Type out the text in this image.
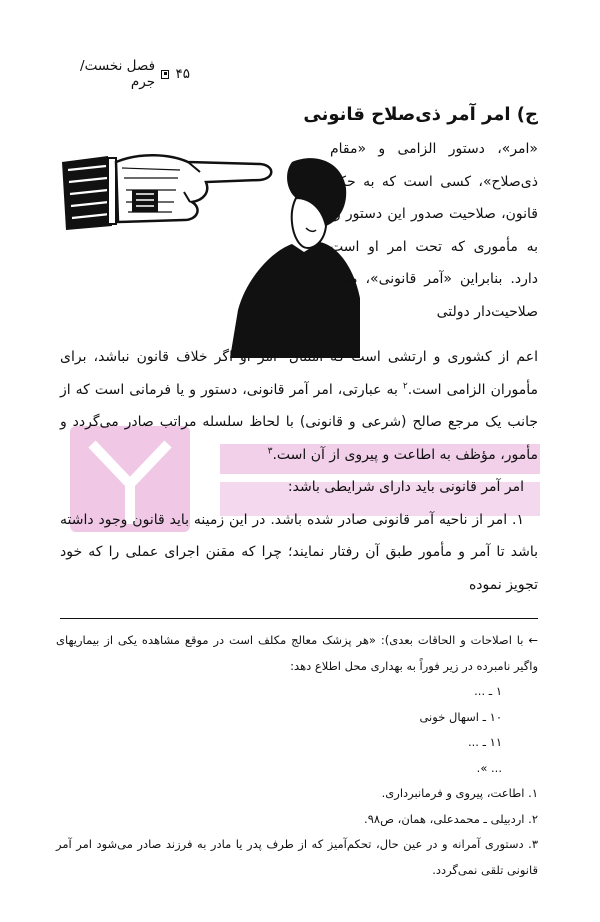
۴۵
فصل نخست/ جرم
ج) امر آمر ذی‌صلاح قانونی
«امر»، دستور الزامی و «مقام ذی‌صلاح»، کسی است که به حکم قانون، صلاحیت صدور این دستور را به مأموری که تحت امر او است دارد. بنابراین «آمر قانونی»، مقام صلاحیت‌دار دولتی

اعم از کشوری و ارتشی است که امتثال$^۱$ امر او اگر خلاف قانون نباشد، برای مأموران الزامی است.$^۲$ به عبارتی، امر آمر قانونی، دستور و یا فرمانی است که از جانب یک مرجع صالح (شرعی و قانونی) با لحاظ سلسله مراتب صادر می‌گردد و مأمور، مؤظف به اطاعت و پیروی از آن است.$^۳$

امر آمر قانونی باید دارای شرایطی باشد:

۱. امر از ناحیه آمر قانونی صادر شده باشد. در این زمینه باید قانون وجود داشته باشد تا آمر و مأمور طبق آن رفتار نمایند؛ چرا که مقنن اجرای عملی را که خود تجویز نموده

← با اصلاحات و الحاقات بعدی): «هر پزشک معالج مکلف است در موقع مشاهده یکی از بیماریهای واگیر نامبرده در زیر فوراً به بهداری محل اطلاع دهد:

۱ ـ ...

۱۰ ـ اسهال خونی

۱۱ ـ ...

... ».

۱. اطاعت، پیروی و فرمانبرداری.

۲. اردبیلی ـ محمدعلی، همان، ص۹۸.

۳. دستوری آمرانه و در عین حال، تحکم‌آمیز که از طرف پدر یا مادر به فرزند صادر می‌شود امر آمر قانونی تلقی نمی‌گردد.
